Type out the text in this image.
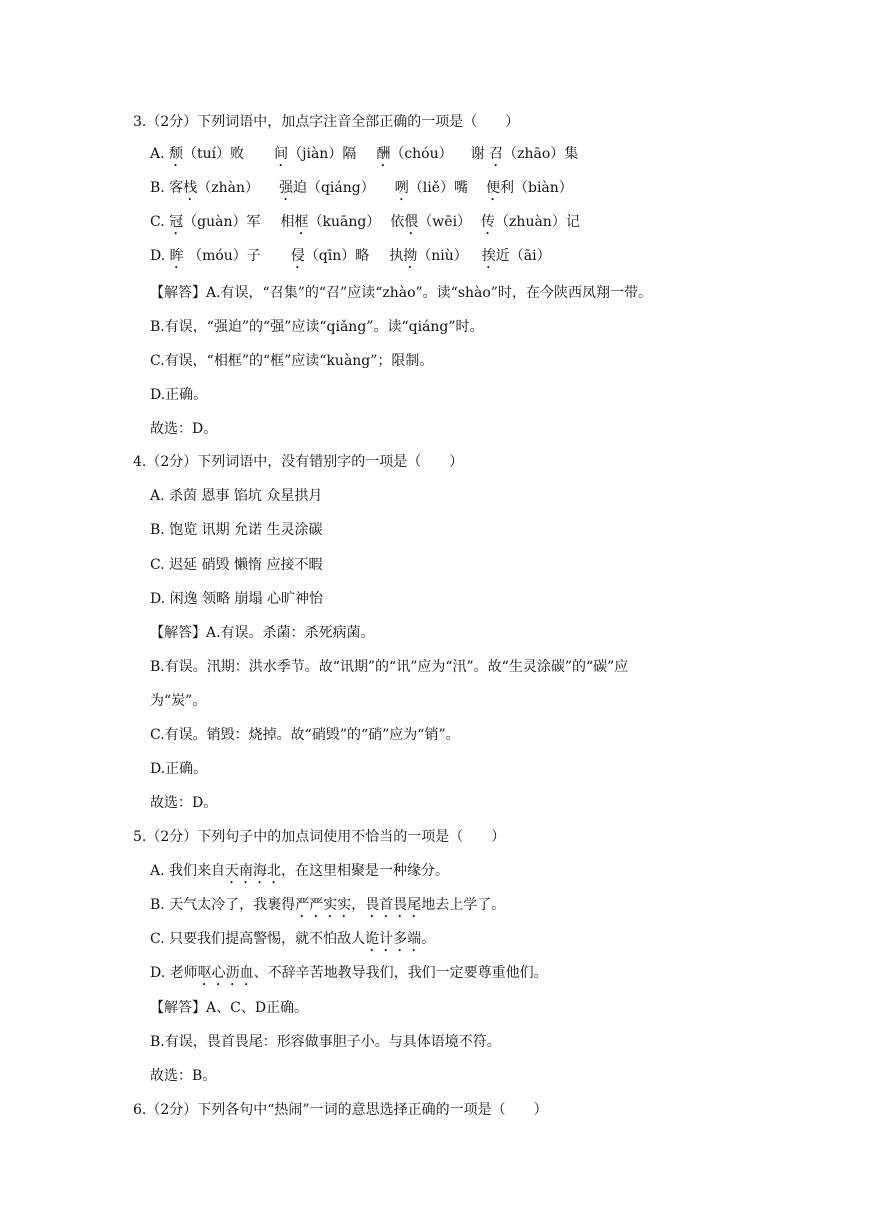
3.（2分）下列词语中，加点字注音全部正确的一项是（　　）
A. 颓（tuí）败 间（jiàn）隔 酬（chóu） 谢 召（zhāo）集
B. 客栈（zhàn） 强迫（qiáng） 咧（liě）嘴 便利（biàn）
C. 冠（guàn）军 相框（kuāng） 依偎（wēi） 传（zhuàn）记
D. 眸 （móu）子 侵（qīn）略 执拗（niù） 挨近（āi）
【解答】A.有误，“召集”的“召”应读“zhào”。读“shào”时，在今陕西凤翔一带。
B.有误，“强迫”的“强”应读“qiǎng”。读“qiáng”时。
C.有误，“相框”的“框”应读“kuàng”；限制。
D.正确。
故选：D。
4.（2分）下列词语中，没有错别字的一项是（　　）
A. 杀茵 恩事 馅坑 众星拱月
B. 饱览 讯期 允诺 生灵涂碳
C. 迟延 硝毁 懒惰 应接不暇
D. 闲逸 领略 崩塌 心旷神怡
【解答】A.有误。杀菌：杀死病菌。
B.有误。汛期：洪水季节。故“讯期”的“讯”应为“汛”。故“生灵涂碳”的“碳”应
为“炭”。
C.有误。销毁：烧掉。故“硝毁”的“硝”应为“销”。
D.正确。
故选：D。
5.（2分）下列句子中的加点词使用不恰当的一项是（　　）
A. 我们来自天南海北，在这里相聚是一种缘分。
B. 天气太冷了，我裹得严严实实，畏首畏尾地去上学了。
C. 只要我们提高警惕，就不怕敌人诡计多端。
D. 老师呕心沥血、不辞辛苦地教导我们，我们一定要尊重他们。
【解答】A、C、D正确。
B.有误，畏首畏尾：形容做事胆子小。与具体语境不符。
故选：B。
6.（2分）下列各句中“热闹”一词的意思选择正确的一项是（　　）
